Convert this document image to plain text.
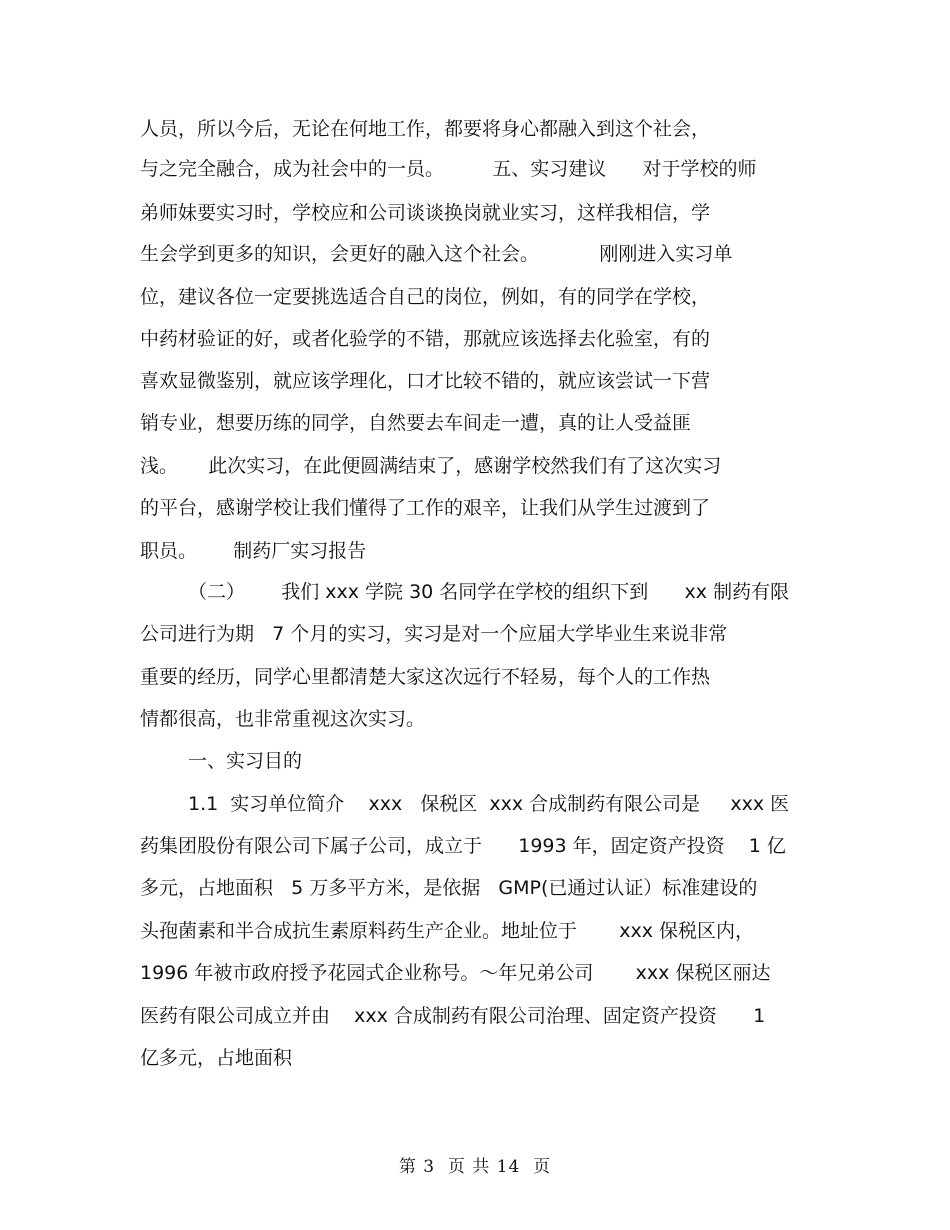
人员，所以今后，无论在何地工作，都要将身心都融入到这个社会，
与之完全融合，成为社会中的一员。        五、实习建议      对于学校的师
弟师妹要实习时，学校应和公司谈谈换岗就业实习，这样我相信，学
生会学到更多的知识，会更好的融入这个社会。          刚刚进入实习单
位，建议各位一定要挑选适合自己的岗位，例如，有的同学在学校，
中药材验证的好，或者化验学的不错，那就应该选择去化验室，有的
喜欢显微鉴别，就应该学理化，口才比较不错的，就应该尝试一下营
销专业，想要历练的同学，自然要去车间走一遭，真的让人受益匪
浅。     此次实习，在此便圆满结束了，感谢学校然我们有了这次实习
的平台，感谢学校让我们懂得了工作的艰辛，让我们从学生过渡到了
职员。      制药厂实习报告
（二）      我们 xxx 学院 30 名同学在学校的组织下到      xx 制药有限
公司进行为期   7 个月的实习，实习是对一个应届大学毕业生来说非常
重要的经历，同学心里都清楚大家这次远行不轻易，每个人的工作热
情都很高，也非常重视这次实习。
一、实习目的
1.1  实习单位简介    xxx   保税区  xxx 合成制药有限公司是     xxx 医
药集团股份有限公司下属子公司，成立于      1993 年，固定资产投资    1 亿
多元，占地面积   5 万多平方米，是依据   GMP(已通过认证）标准建设的
头孢菌素和半合成抗生素原料药生产企业。地址位于       xxx 保税区内，
1996 年被市政府授予花园式企业称号。～年兄弟公司       xxx 保税区丽达
医药有限公司成立并由    xxx 合成制药有限公司治理、固定资产投资      1
亿多元，占地面积
第 3  页 共 14  页
